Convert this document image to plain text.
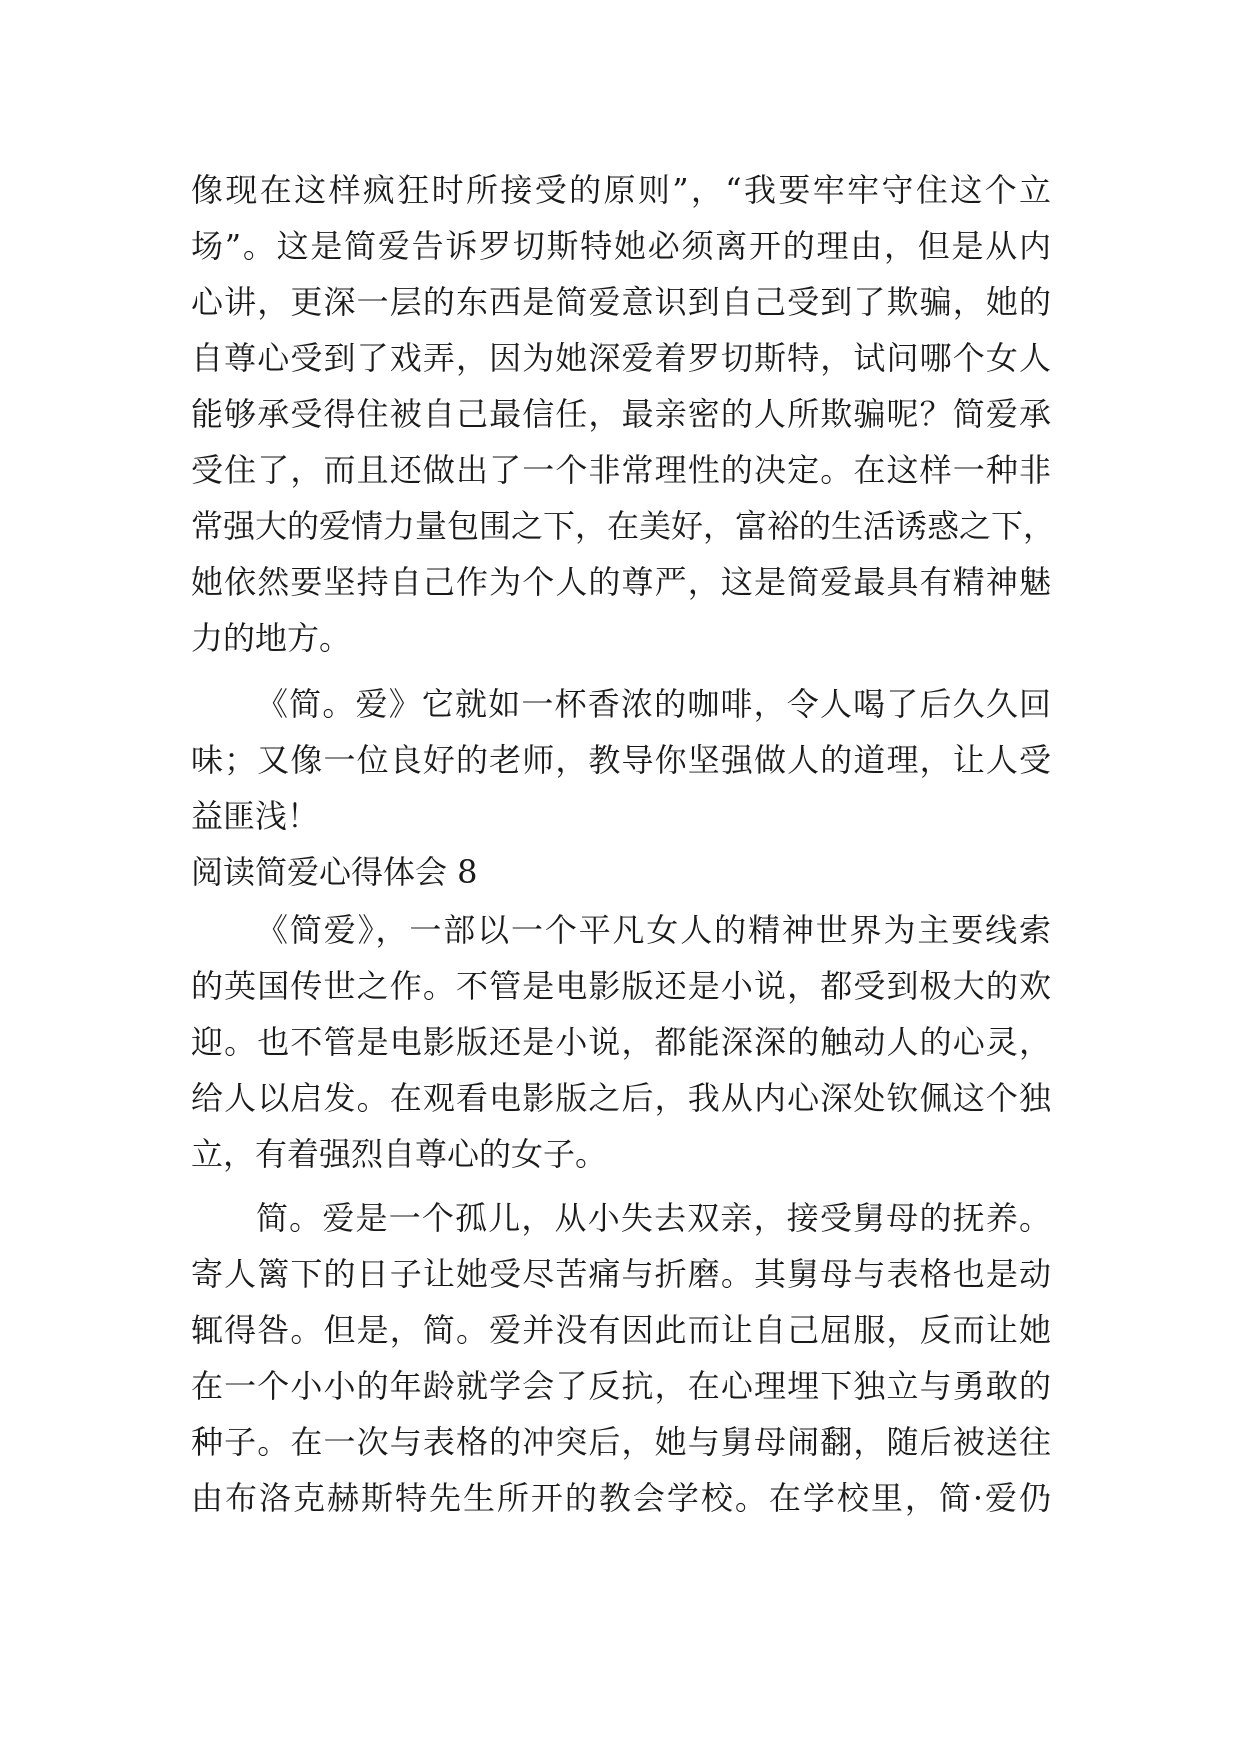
像现在这样疯狂时所接受的原则”，“我要牢牢守住这个立
场”。这是简爱告诉罗切斯特她必须离开的理由，但是从内
心讲，更深一层的东西是简爱意识到自己受到了欺骗，她的
自尊心受到了戏弄，因为她深爱着罗切斯特，试问哪个女人
能够承受得住被自己最信任，最亲密的人所欺骗呢？简爱承
受住了，而且还做出了一个非常理性的决定。在这样一种非
常强大的爱情力量包围之下，在美好，富裕的生活诱惑之下，
她依然要坚持自己作为个人的尊严，这是简爱最具有精神魅
力的地方。
《简。爱》它就如一杯香浓的咖啡，令人喝了后久久回
味；又像一位良好的老师，教导你坚强做人的道理，让人受
益匪浅！
阅读简爱心得体会 8
《简爱》，一部以一个平凡女人的精神世界为主要线索
的英国传世之作。不管是电影版还是小说，都受到极大的欢
迎。也不管是电影版还是小说，都能深深的触动人的心灵，
给人以启发。在观看电影版之后，我从内心深处钦佩这个独
立，有着强烈自尊心的女子。
简。爱是一个孤儿，从小失去双亲，接受舅母的抚养。
寄人篱下的日子让她受尽苦痛与折磨。其舅母与表格也是动
辄得咎。但是，简。爱并没有因此而让自己屈服，反而让她
在一个小小的年龄就学会了反抗，在心理埋下独立与勇敢的
种子。在一次与表格的冲突后，她与舅母闹翻，随后被送往
由布洛克赫斯特先生所开的教会学校。在学校里，简·爱仍
